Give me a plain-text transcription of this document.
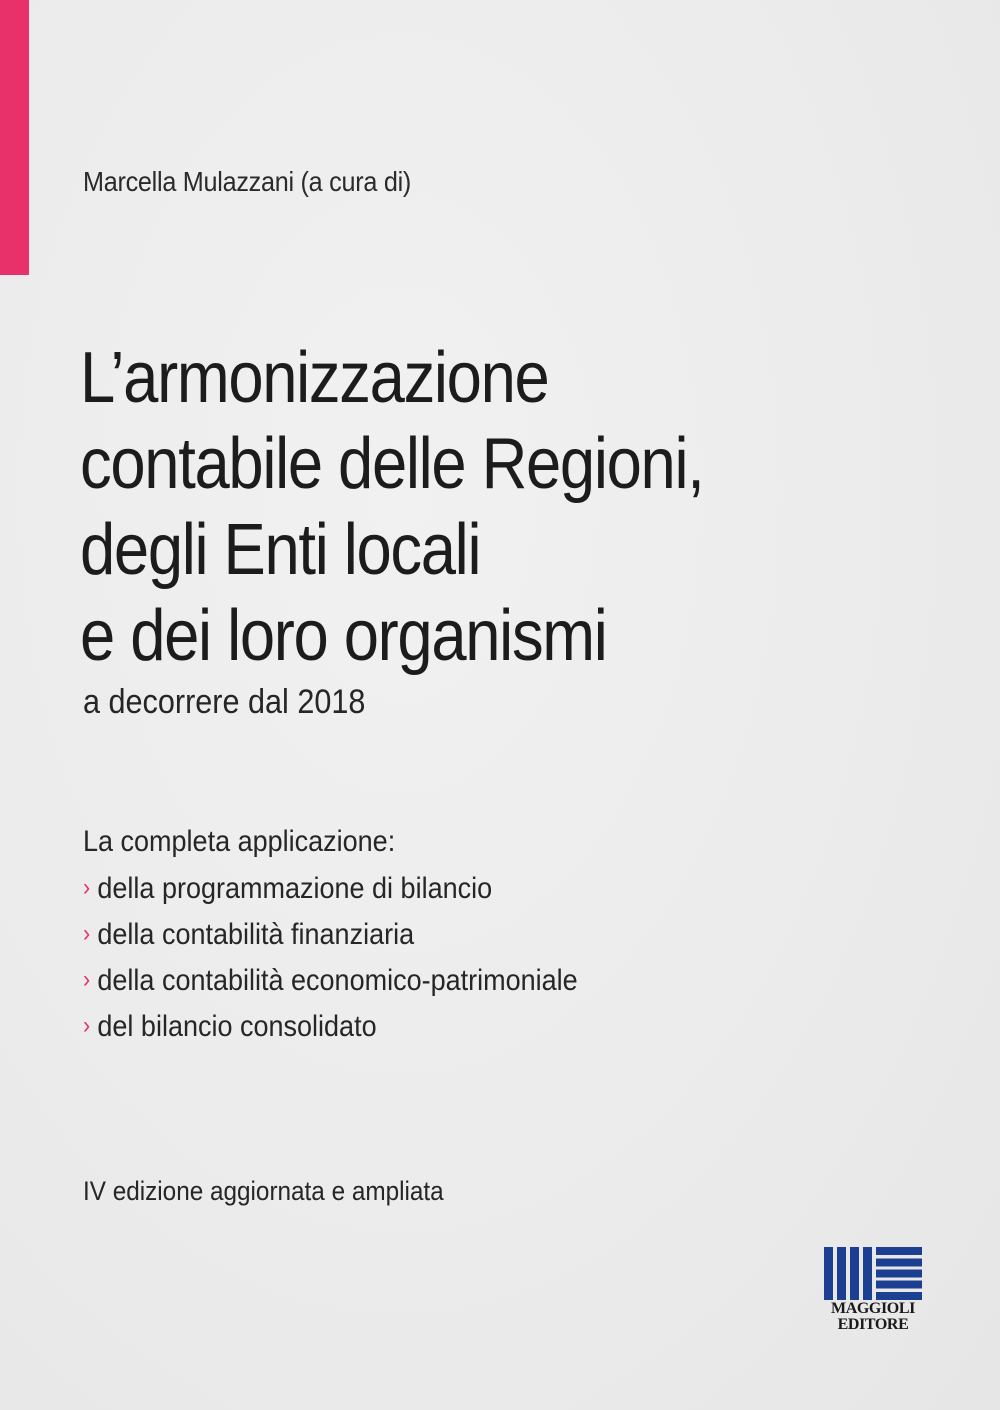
Marcella Mulazzani (a cura di)
L’armonizzazione
contabile delle Regioni,
degli Enti locali
e dei loro organismi
a decorrere dal 2018
La completa applicazione:
› della programmazione di bilancio
› della contabilità finanziaria
› della contabilità economico-patrimoniale
› del bilancio consolidato
IV edizione aggiornata e ampliata
MAGGIOLI
EDITORE
